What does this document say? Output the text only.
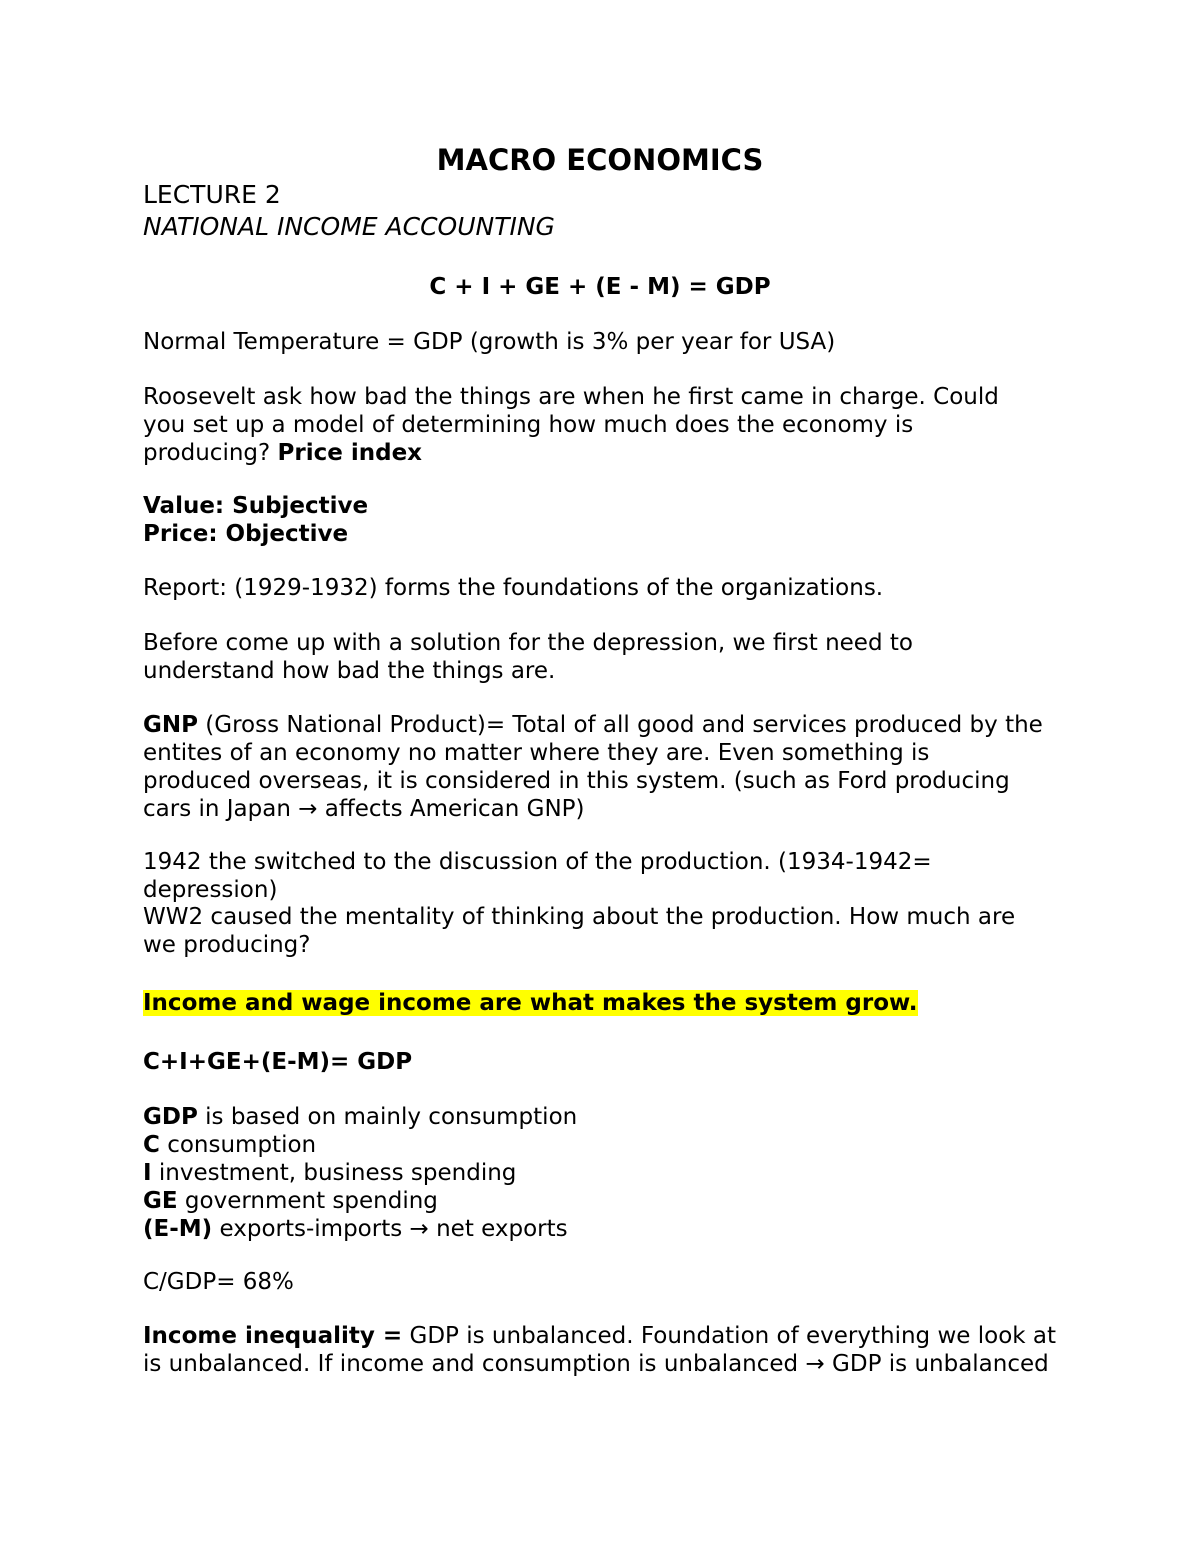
MACRO ECONOMICS

LECTURE 2
NATIONAL INCOME ACCOUNTING
C + I + GE + (E - M) = GDP
Normal Temperature = GDP (growth is 3% per year for USA)
Roosevelt ask how bad the things are when he first came in charge. Could you set up a model of determining how much does the economy is producing? Price index
Value: Subjective
Price: Objective
Report: (1929-1932) forms the foundations of the organizations.
Before come up with a solution for the depression, we first need to understand how bad the things are.
GNP (Gross National Product)= Total of all good and services produced by the entites of an economy no matter where they are. Even something is produced overseas, it is considered in this system. (such as Ford producing cars in Japan → affects American GNP)
1942 the switched to the discussion of the production. (1934-1942= depression)
WW2 caused the mentality of thinking about the production. How much are we producing?
Income and wage income are what makes the system grow.
C+I+GE+(E-M)= GDP
GDP is based on mainly consumption
C consumption
I investment, business spending
GE government spending
(E-M) exports-imports → net exports
C/GDP= 68%
Income inequality = GDP is unbalanced. Foundation of everything we look at is unbalanced. If income and consumption is unbalanced → GDP is unbalanced
